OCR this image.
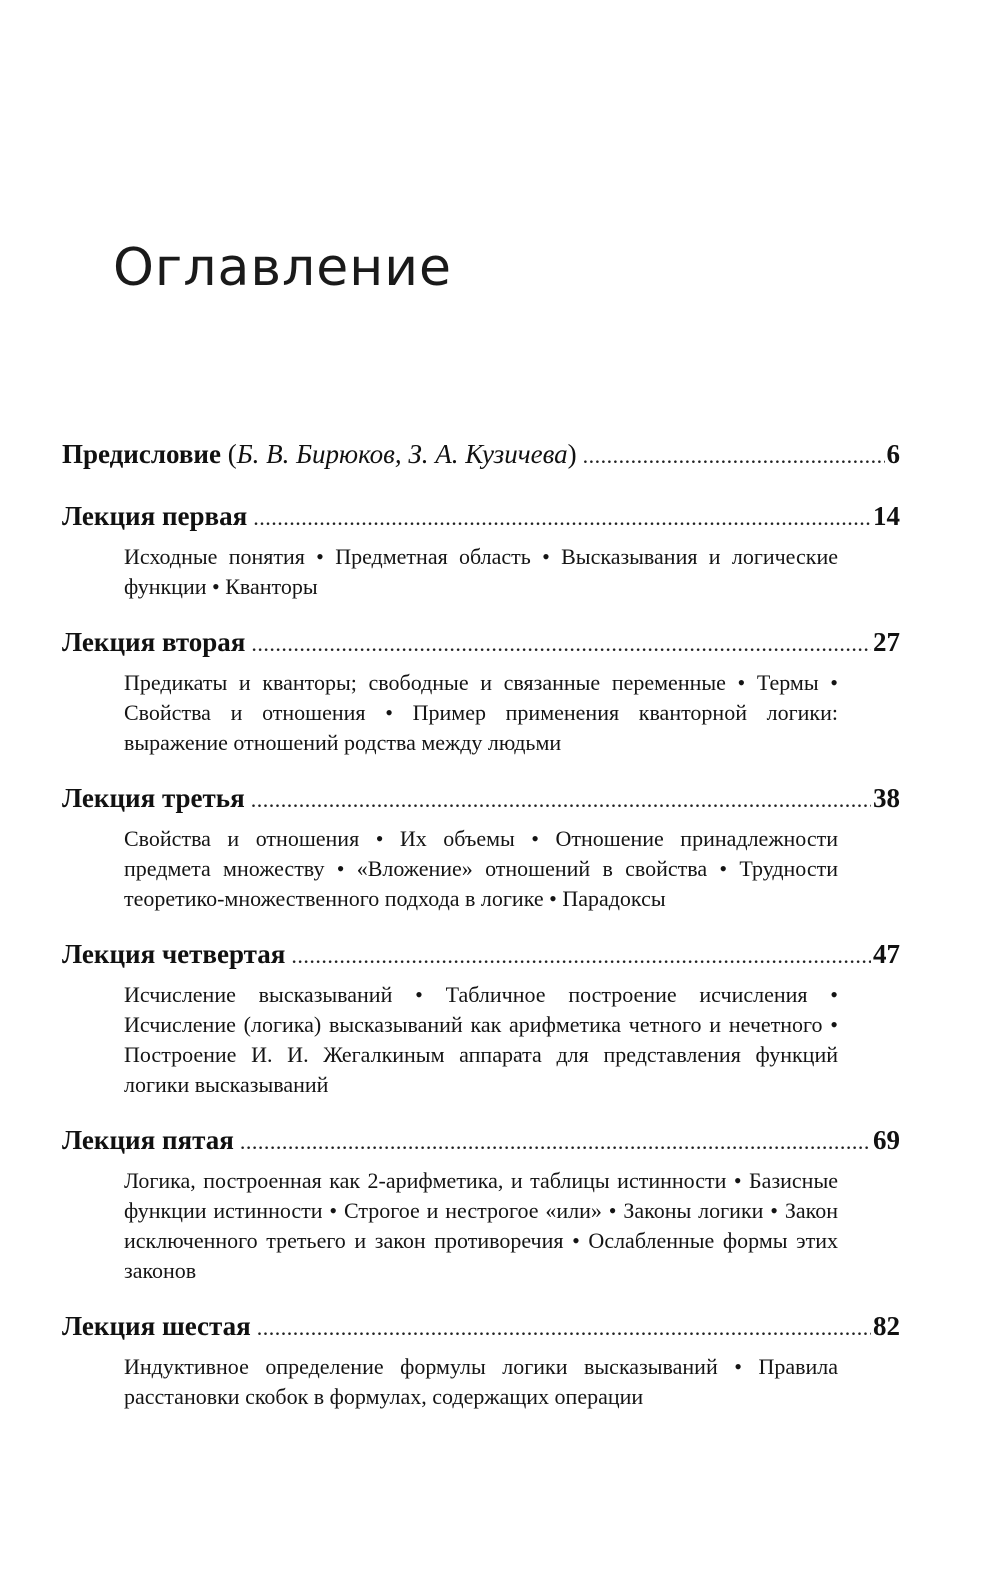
Оглавление
Предисловие (Б. В. Бирюков, З. А. Кузичева) .....	6
Лекция первая .....	14

Исходные понятия • Предметная область • Высказывания и логические функции • Кванторы

Лекция вторая .....	27

Предикаты и кванторы; свободные и связанные переменные • Термы • Свойства и отношения • Пример применения кванторной логики: выражение отношений родства между людьми

Лекция третья .....	38

Свойства и отношения • Их объемы • Отношение принадлежности предмета множеству • «Вложение» отношений в свойства • Трудности теоретико-множественного подхода в логике • Парадоксы

Лекция четвертая .....	47

Исчисление высказываний • Табличное построение исчисления • Исчисление (логика) высказываний как арифметика четного и нечетного • Построение И. И. Жегалкиным аппарата для представления функций логики высказываний

Лекция пятая .....	69

Логика, построенная как 2-арифметика, и таблицы истинности • Базисные функции истинности • Строгое и нестрогое «или» • Законы логики • Закон исключенного третьего и закон противоречия • Ослабленные формы этих законов

Лекция шестая .....	82

Индуктивное определение формулы логики высказываний • Правила расстановки скобок в формулах, содержащих операции
